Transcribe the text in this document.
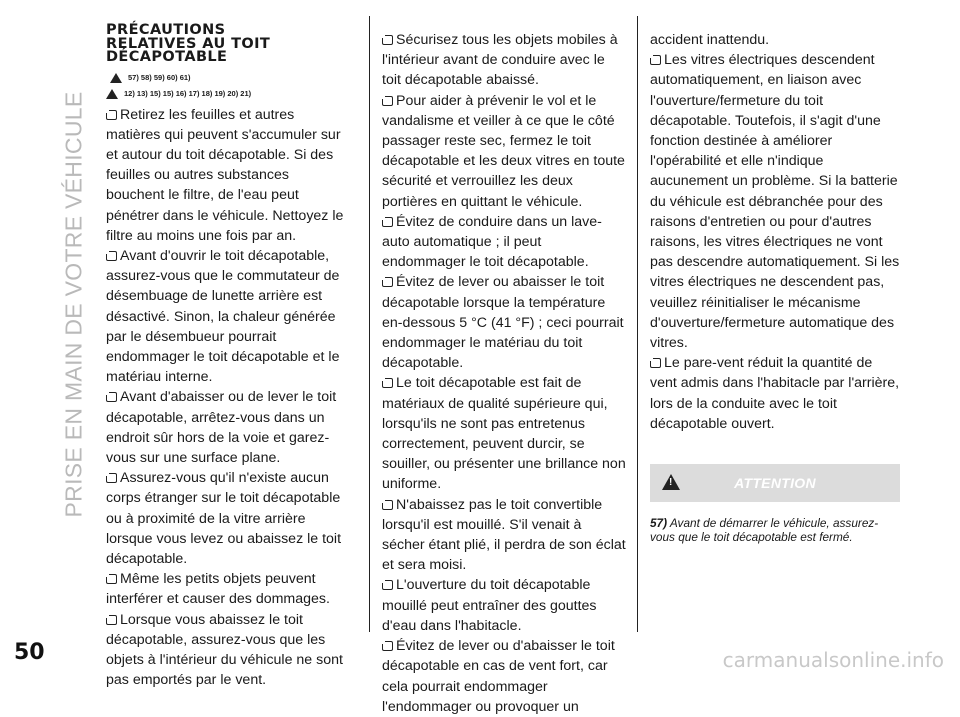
PRISE EN MAIN DE VOTRE VÉHICULE
PRÉCAUTIONS
RELATIVES AU TOIT
DÉCAPOTABLE
57) 58) 59) 60) 61)
12) 13) 15) 15) 16) 17) 18) 19) 20) 21)

Retirez les feuilles et autres matières qui peuvent s'accumuler sur et autour du toit décapotable. Si des feuilles ou autres substances bouchent le filtre, de l'eau peut pénétrer dans le véhicule. Nettoyez le filtre au moins une fois par an.

Avant d'ouvrir le toit décapotable, assurez-vous que le commutateur de désembuage de lunette arrière est désactivé. Sinon, la chaleur générée par le désembueur pourrait endommager le toit décapotable et le matériau interne.

Avant d'abaisser ou de lever le toit décapotable, arrêtez-vous dans un endroit sûr hors de la voie et garez-vous sur une surface plane.

Assurez-vous qu'il n'existe aucun corps étranger sur le toit décapotable ou à proximité de la vitre arrière lorsque vous levez ou abaissez le toit décapotable.

Même les petits objets peuvent interférer et causer des dommages.

Lorsque vous abaissez le toit décapotable, assurez-vous que les objets à l'intérieur du véhicule ne sont pas emportés par le vent.

Sécurisez tous les objets mobiles à l'intérieur avant de conduire avec le toit décapotable abaissé.

Pour aider à prévenir le vol et le vandalisme et veiller à ce que le côté passager reste sec, fermez le toit décapotable et les deux vitres en toute sécurité et verrouillez les deux portières en quittant le véhicule.

Évitez de conduire dans un lave-auto automatique ; il peut endommager le toit décapotable.

Évitez de lever ou abaisser le toit décapotable lorsque la température en-dessous 5 °C (41 °F) ; ceci pourrait endommager le matériau du toit décapotable.

Le toit décapotable est fait de matériaux de qualité supérieure qui, lorsqu'ils ne sont pas entretenus correctement, peuvent durcir, se souiller, ou présenter une brillance non uniforme.

N'abaissez pas le toit convertible lorsqu'il est mouillé. S'il venait à sécher étant plié, il perdra de son éclat et sera moisi.

L'ouverture du toit décapotable mouillé peut entraîner des gouttes d'eau dans l'habitacle.

Évitez de lever ou d'abaisser le toit décapotable en cas de vent fort, car cela pourrait endommager l'endommager ou provoquer un

accident inattendu.

Les vitres électriques descendent automatiquement, en liaison avec l'ouverture/fermeture du toit décapotable. Toutefois, il s'agit d'une fonction destinée à améliorer l'opérabilité et elle n'indique aucunement un problème. Si la batterie du véhicule est débranchée pour des raisons d'entretien ou pour d'autres raisons, les vitres électriques ne vont pas descendre automatiquement. Si les vitres électriques ne descendent pas, veuillez réinitialiser le mécanisme d'ouverture/fermeture automatique des vitres.

Le pare-vent réduit la quantité de vent admis dans l'habitacle par l'arrière, lors de la conduite avec le toit décapotable ouvert.

!
ATTENTION
57) Avant de démarrer le véhicule, assurez-vous que le toit décapotable est fermé.
50	carmanualsonline.info
